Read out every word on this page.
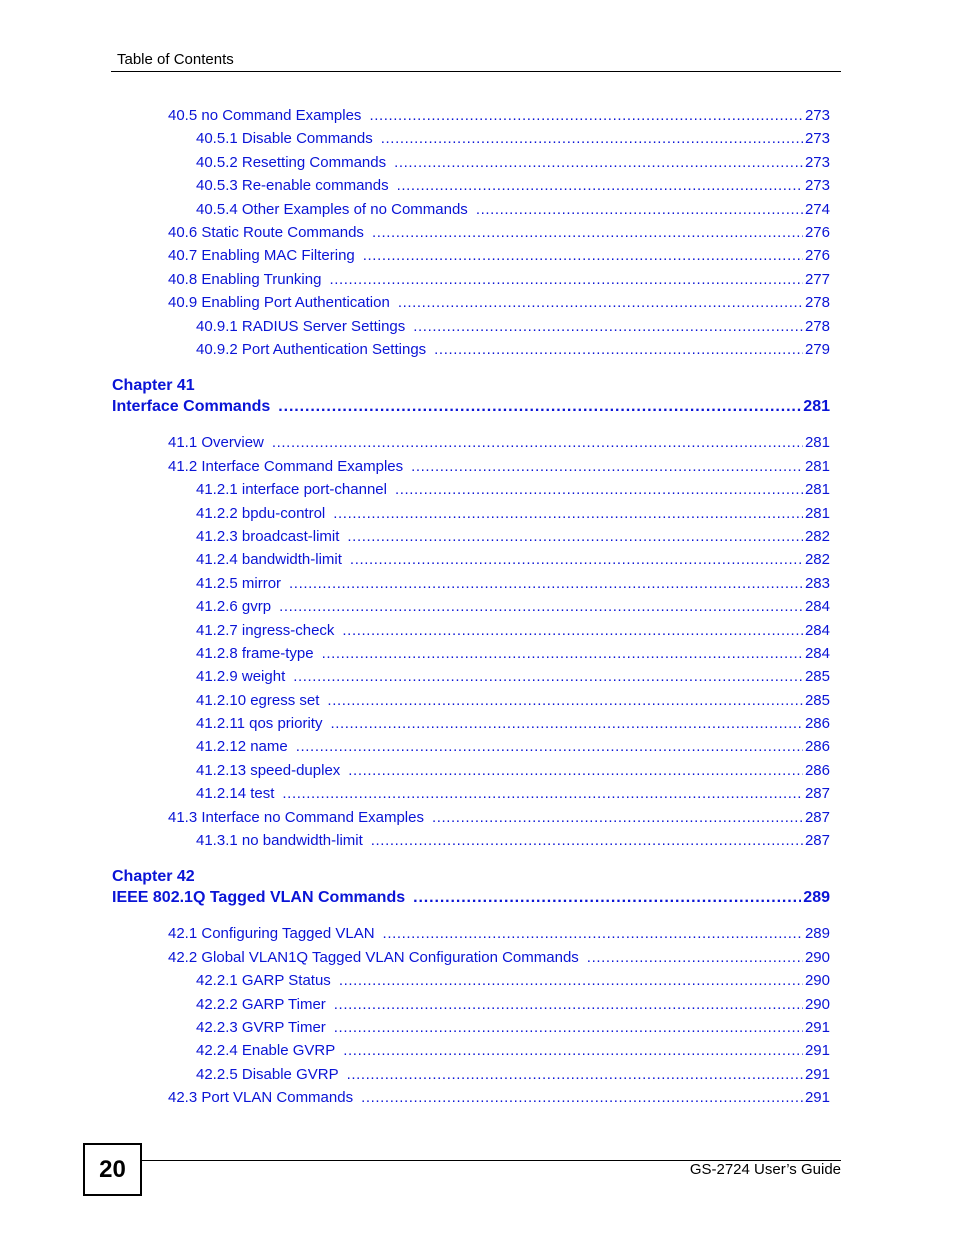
Table of Contents
40.5 no Command Examples .....	273
40.5.1 Disable Commands .....	273
40.5.2 Resetting Commands .....	273
40.5.3 Re-enable commands .....	273
40.5.4 Other Examples of no Commands .....	274
40.6 Static Route Commands .....	276
40.7 Enabling MAC Filtering .....	276
40.8 Enabling Trunking .....	277
40.9 Enabling Port Authentication .....	278
40.9.1 RADIUS Server Settings .....	278
40.9.2 Port Authentication Settings .....	279
Chapter 41
Interface Commands .....	281
41.1 Overview .....	281
41.2 Interface Command Examples .....	281
41.2.1 interface port-channel .....	281
41.2.2 bpdu-control .....	281
41.2.3 broadcast-limit .....	282
41.2.4 bandwidth-limit .....	282
41.2.5 mirror .....	283
41.2.6 gvrp .....	284
41.2.7 ingress-check .....	284
41.2.8 frame-type .....	284
41.2.9 weight .....	285
41.2.10 egress set .....	285
41.2.11 qos priority .....	286
41.2.12 name .....	286
41.2.13 speed-duplex .....	286
41.2.14 test .....	287
41.3 Interface no Command Examples .....	287
41.3.1 no bandwidth-limit .....	287
Chapter 42
IEEE 802.1Q Tagged VLAN Commands .....	289
42.1 Configuring Tagged VLAN .....	289
42.2 Global VLAN1Q Tagged VLAN Configuration Commands .....	290
42.2.1 GARP Status .....	290
42.2.2 GARP Timer .....	290
42.2.3 GVRP Timer .....	291
42.2.4 Enable GVRP .....	291
42.2.5 Disable GVRP .....	291
42.3 Port VLAN Commands .....	291
20	GS-2724 User’s Guide
